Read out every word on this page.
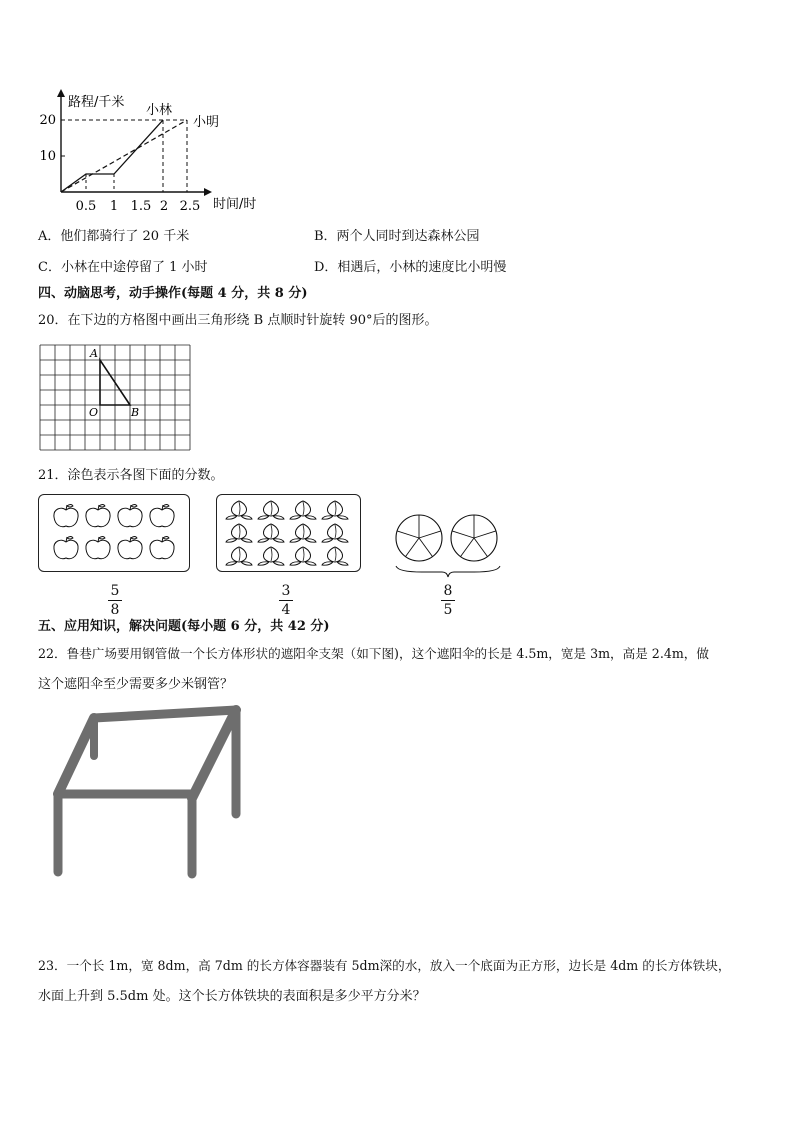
20
10
0.5 1 1.5 2 2.5
路程/千米
时间/时
小林
小明
A．他们都骑行了 20 千米	B．两个人同时到达森林公园
C．小林在中途停留了 1 小时	D．相遇后，小林的速度比小明慢
四、动脑思考，动手操作(每题 4 分，共 8 分)
20．在下边的方格图中画出三角形绕 B 点顺时针旋转 90°后的图形。
A
O	B
21．涂色表示各图下面的分数。
5
8
3
4
8
5
五、应用知识，解决问题(每小题 6 分，共 42 分)
22．鲁巷广场要用钢管做一个长方体形状的遮阳伞支架（如下图)，这个遮阳伞的长是 4.5m，宽是 3m，高是 2.4m，做
这个遮阳伞至少需要多少米钢管？
23．一个长 1m，宽 8dm，高 7dm 的长方体容器装有 5dm深的水，放入一个底面为正方形，边长是 4dm 的长方体铁块，
水面上升到 5.5dm 处。这个长方体铁块的表面积是多少平方分米？
